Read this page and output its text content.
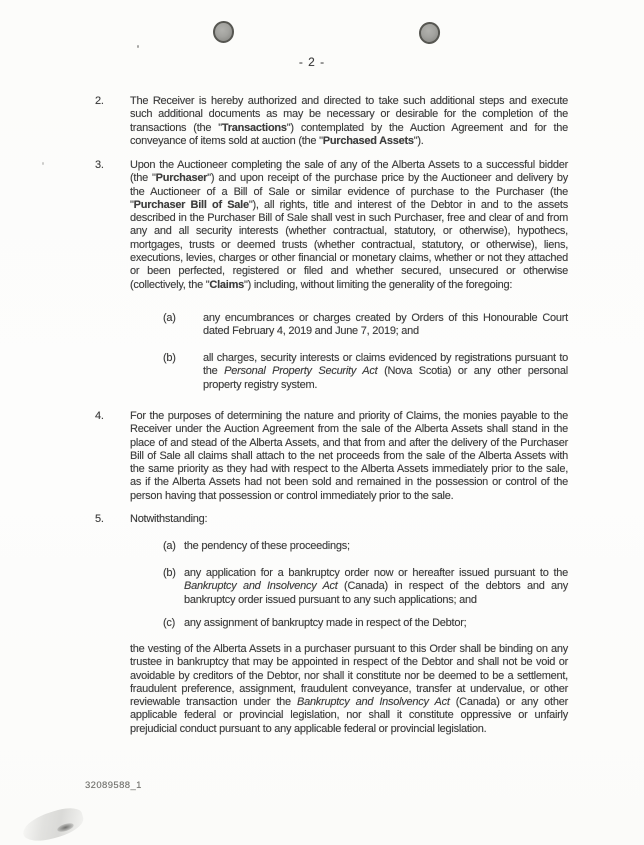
- 2 -
2.	The Receiver is hereby authorized and directed to take such additional steps and execute such additional documents as may be necessary or desirable for the completion of the transactions (the "Transactions") contemplated by the Auction Agreement and for the conveyance of items sold at auction (the "Purchased Assets").
3.	Upon the Auctioneer completing the sale of any of the Alberta Assets to a successful bidder (the "Purchaser") and upon receipt of the purchase price by the Auctioneer and delivery by the Auctioneer of a Bill of Sale or similar evidence of purchase to the Purchaser (the "Purchaser Bill of Sale"), all rights, title and interest of the Debtor in and to the assets described in the Purchaser Bill of Sale shall vest in such Purchaser, free and clear of and from any and all security interests (whether contractual, statutory, or otherwise), hypothecs, mortgages, trusts or deemed trusts (whether contractual, statutory, or otherwise), liens, executions, levies, charges or other financial or monetary claims, whether or not they attached or been perfected, registered or filed and whether secured, unsecured or otherwise (collectively, the "Claims") including, without limiting the generality of the foregoing:
(a)	any encumbrances or charges created by Orders of this Honourable Court dated February 4, 2019 and June 7, 2019; and
(b)	all charges, security interests or claims evidenced by registrations pursuant to the Personal Property Security Act (Nova Scotia) or any other personal property registry system.
4.	For the purposes of determining the nature and priority of Claims, the monies payable to the Receiver under the Auction Agreement from the sale of the Alberta Assets shall stand in the place of and stead of the Alberta Assets, and that from and after the delivery of the Purchaser Bill of Sale all claims shall attach to the net proceeds from the sale of the Alberta Assets with the same priority as they had with respect to the Alberta Assets immediately prior to the sale, as if the Alberta Assets had not been sold and remained in the possession or control of the person having that possession or control immediately prior to the sale.
5.	Notwithstanding:
(a) the pendency of these proceedings;
(b) any application for a bankruptcy order now or hereafter issued pursuant to the Bankruptcy and Insolvency Act (Canada) in respect of the debtors and any bankruptcy order issued pursuant to any such applications; and
(c) any assignment of bankruptcy made in respect of the Debtor;
the vesting of the Alberta Assets in a purchaser pursuant to this Order shall be binding on any trustee in bankruptcy that may be appointed in respect of the Debtor and shall not be void or avoidable by creditors of the Debtor, nor shall it constitute nor be deemed to be a settlement, fraudulent preference, assignment, fraudulent conveyance, transfer at undervalue, or other reviewable transaction under the Bankruptcy and Insolvency Act (Canada) or any other applicable federal or provincial legislation, nor shall it constitute oppressive or unfairly prejudicial conduct pursuant to any applicable federal or provincial legislation.
32089588_1
